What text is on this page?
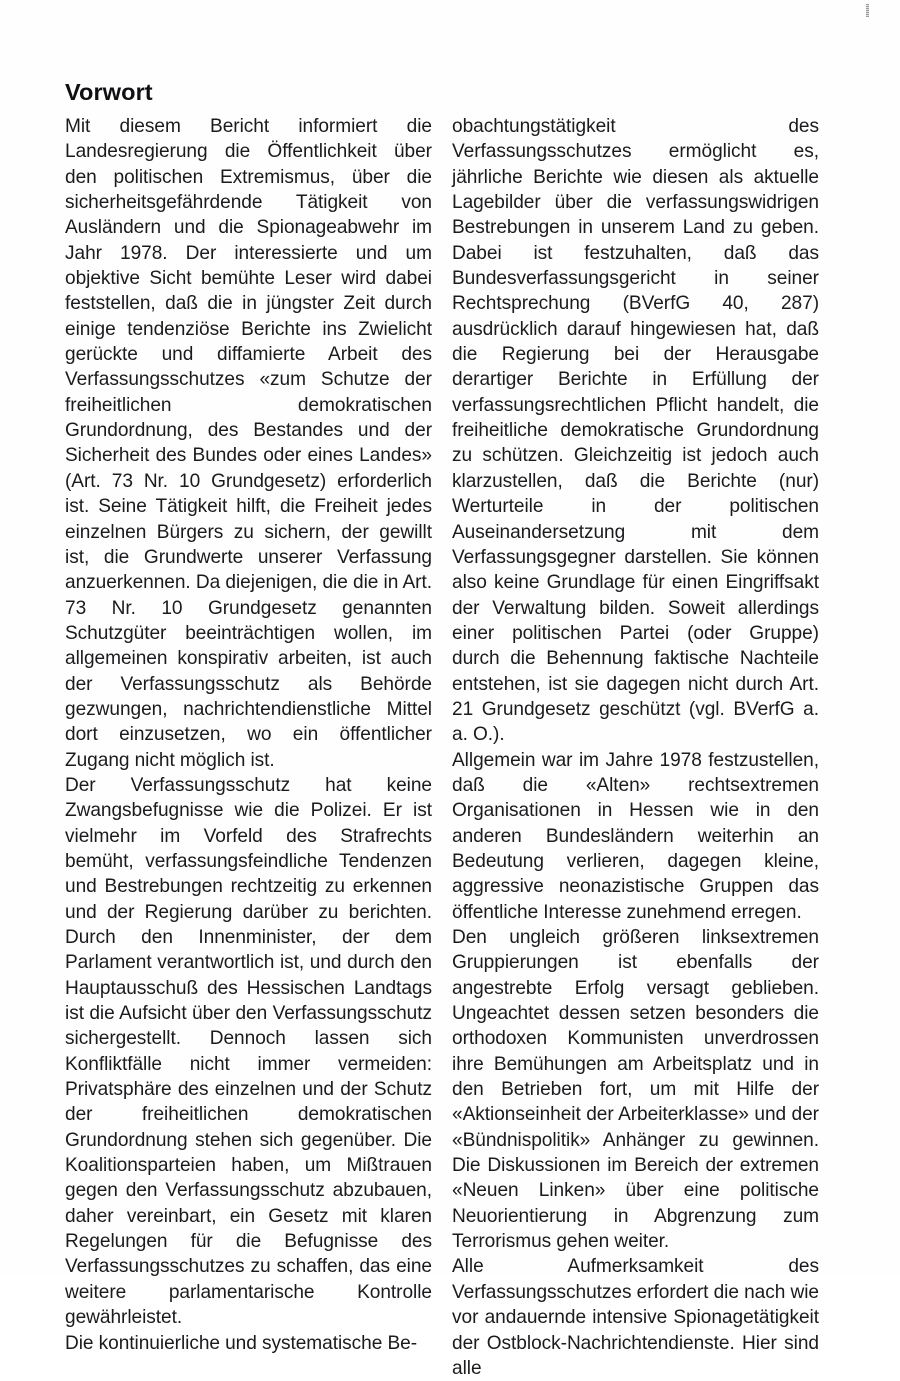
Vorwort

Mit diesem Bericht informiert die Landesregierung die Öffentlichkeit über den politischen Extremismus, über die sicherheitsgefährdende Tätigkeit von Ausländern und die Spionageabwehr im Jahr 1978. Der interessierte und um objektive Sicht bemühte Leser wird dabei feststellen, daß die in jüngster Zeit durch einige tendenziöse Berichte ins Zwielicht gerückte und diffamierte Arbeit des Verfassungsschutzes «zum Schutze der freiheitlichen demokratischen Grundordnung, des Bestandes und der Sicherheit des Bundes oder eines Landes» (Art. 73 Nr. 10 Grundgesetz) erforderlich ist. Seine Tätigkeit hilft, die Freiheit jedes einzelnen Bürgers zu sichern, der gewillt ist, die Grundwerte unserer Verfassung anzuerkennen. Da diejenigen, die die in Art. 73 Nr. 10 Grundgesetz genannten Schutzgüter beeinträchtigen wollen, im allgemeinen konspirativ arbeiten, ist auch der Verfassungsschutz als Behörde gezwungen, nachrichtendienstliche Mittel dort einzusetzen, wo ein öffentlicher Zugang nicht möglich ist.

Der Verfassungsschutz hat keine Zwangsbefugnisse wie die Polizei. Er ist vielmehr im Vorfeld des Strafrechts bemüht, verfassungsfeindliche Tendenzen und Bestrebungen rechtzeitig zu erkennen und der Regierung darüber zu berichten. Durch den Innenminister, der dem Parlament verantwortlich ist, und durch den Hauptausschuß des Hessischen Landtags ist die Aufsicht über den Verfassungsschutz sichergestellt. Dennoch lassen sich Konfliktfälle nicht immer vermeiden: Privatsphäre des einzelnen und der Schutz der freiheitlichen demokratischen Grundordnung stehen sich gegenüber. Die Koalitionsparteien haben, um Mißtrauen gegen den Verfassungsschutz abzubauen, daher vereinbart, ein Gesetz mit klaren Regelungen für die Befugnisse des Verfassungsschutzes zu schaffen, das eine weitere parlamentarische Kontrolle gewährleistet.

Die kontinuierliche und systematische Be-

obachtungstätigkeit des Verfassungsschutzes ermöglicht es, jährliche Berichte wie diesen als aktuelle Lagebilder über die verfassungswidrigen Bestrebungen in unserem Land zu geben. Dabei ist festzuhalten, daß das Bundesverfassungsgericht in seiner Rechtsprechung (BVerfG 40, 287) ausdrücklich darauf hingewiesen hat, daß die Regierung bei der Herausgabe derartiger Berichte in Erfüllung der verfassungsrechtlichen Pflicht handelt, die freiheitliche demokratische Grundordnung zu schützen. Gleichzeitig ist jedoch auch klarzustellen, daß die Berichte (nur) Werturteile in der politischen Auseinandersetzung mit dem Verfassungsgegner darstellen. Sie können also keine Grundlage für einen Eingriffsakt der Verwaltung bilden. Soweit allerdings einer politischen Partei (oder Gruppe) durch die Behennung faktische Nachteile entstehen, ist sie dagegen nicht durch Art. 21 Grundgesetz geschützt (vgl. BVerfG a. a. O.).

Allgemein war im Jahre 1978 festzustellen, daß die «Alten» rechtsextremen Organisationen in Hessen wie in den anderen Bundesländern weiterhin an Bedeutung verlieren, dagegen kleine, aggressive neonazistische Gruppen das öffentliche Interesse zunehmend erregen.

Den ungleich größeren linksextremen Gruppierungen ist ebenfalls der angestrebte Erfolg versagt geblieben. Ungeachtet dessen setzen besonders die orthodoxen Kommunisten unverdrossen ihre Bemühungen am Arbeitsplatz und in den Betrieben fort, um mit Hilfe der «Aktionseinheit der Arbeiterklasse» und der «Bündnispolitik» Anhänger zu gewinnen. Die Diskussionen im Bereich der extremen «Neuen Linken» über eine politische Neuorientierung in Abgrenzung zum Terrorismus gehen weiter.

Alle Aufmerksamkeit des Verfassungsschutzes erfordert die nach wie vor andauernde intensive Spionagetätigkeit der Ostblock-Nachrichtendienste. Hier sind alle
